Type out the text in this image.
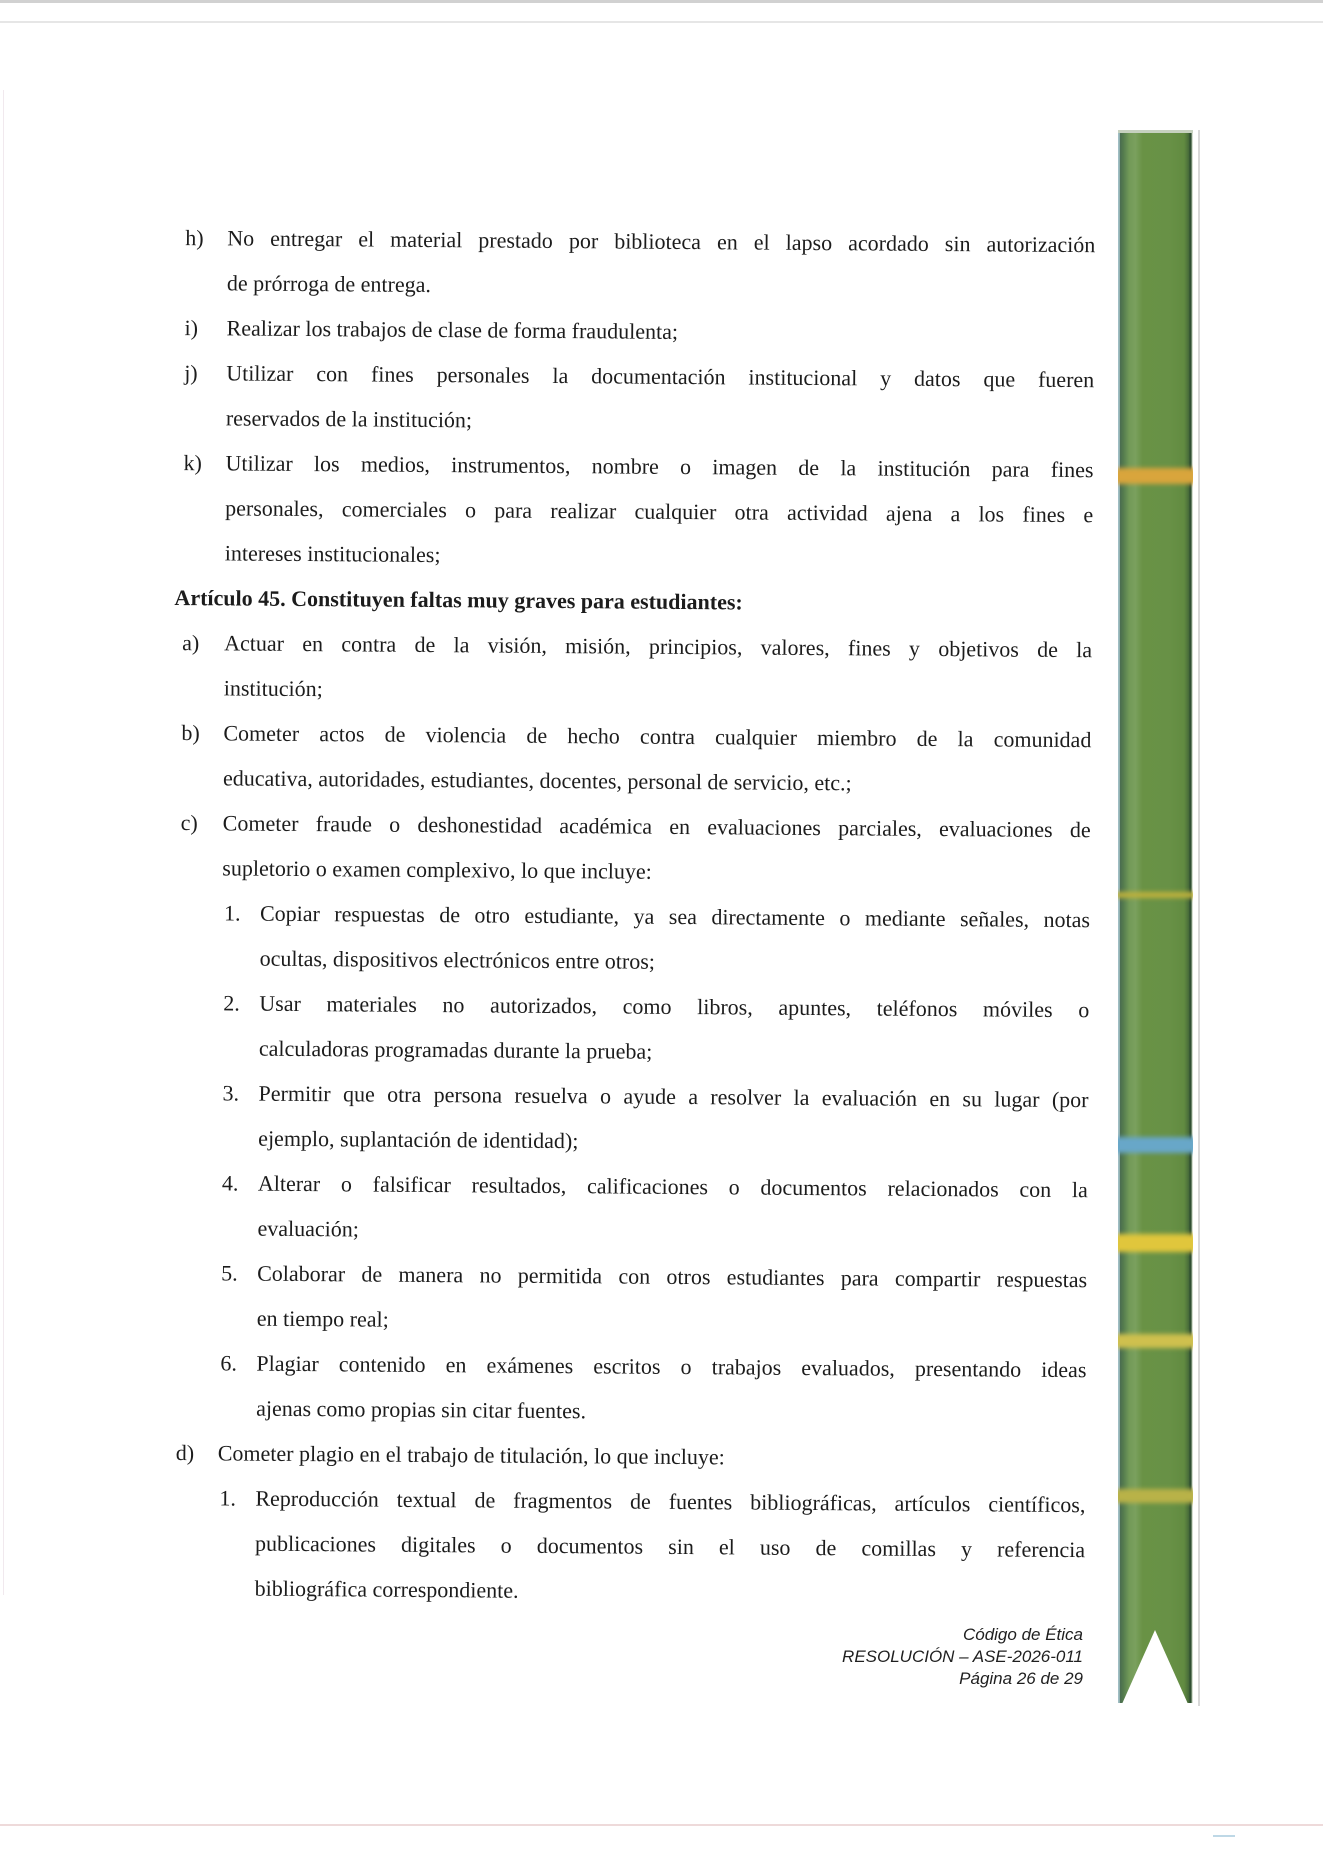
h) No entregar el material prestado por biblioteca en el lapso acordado sin autorización
de prórroga de entrega.
i) Realizar los trabajos de clase de forma fraudulenta;
j) Utilizar con fines personales la documentación institucional y datos que fueren
reservados de la institución;
k) Utilizar los medios, instrumentos, nombre o imagen de la institución para fines
personales, comerciales o para realizar cualquier otra actividad ajena a los fines e
intereses institucionales;
Artículo 45. Constituyen faltas muy graves para estudiantes:
a) Actuar en contra de la visión, misión, principios, valores, fines y objetivos de la
institución;
b) Cometer actos de violencia de hecho contra cualquier miembro de la comunidad
educativa, autoridades, estudiantes, docentes, personal de servicio, etc.;
c) Cometer fraude o deshonestidad académica en evaluaciones parciales, evaluaciones de
supletorio o examen complexivo, lo que incluye:
1. Copiar respuestas de otro estudiante, ya sea directamente o mediante señales, notas
ocultas, dispositivos electrónicos entre otros;
2. Usar materiales no autorizados, como libros, apuntes, teléfonos móviles o
calculadoras programadas durante la prueba;
3. Permitir que otra persona resuelva o ayude a resolver la evaluación en su lugar (por
ejemplo, suplantación de identidad);
4. Alterar o falsificar resultados, calificaciones o documentos relacionados con la
evaluación;
5. Colaborar de manera no permitida con otros estudiantes para compartir respuestas
en tiempo real;
6. Plagiar contenido en exámenes escritos o trabajos evaluados, presentando ideas
ajenas como propias sin citar fuentes.
d) Cometer plagio en el trabajo de titulación, lo que incluye:
1. Reproducción textual de fragmentos de fuentes bibliográficas, artículos científicos,
publicaciones digitales o documentos sin el uso de comillas y referencia
bibliográfica correspondiente.
Código de Ética
RESOLUCIÓN – ASE-2026-011
Página 26 de 29
